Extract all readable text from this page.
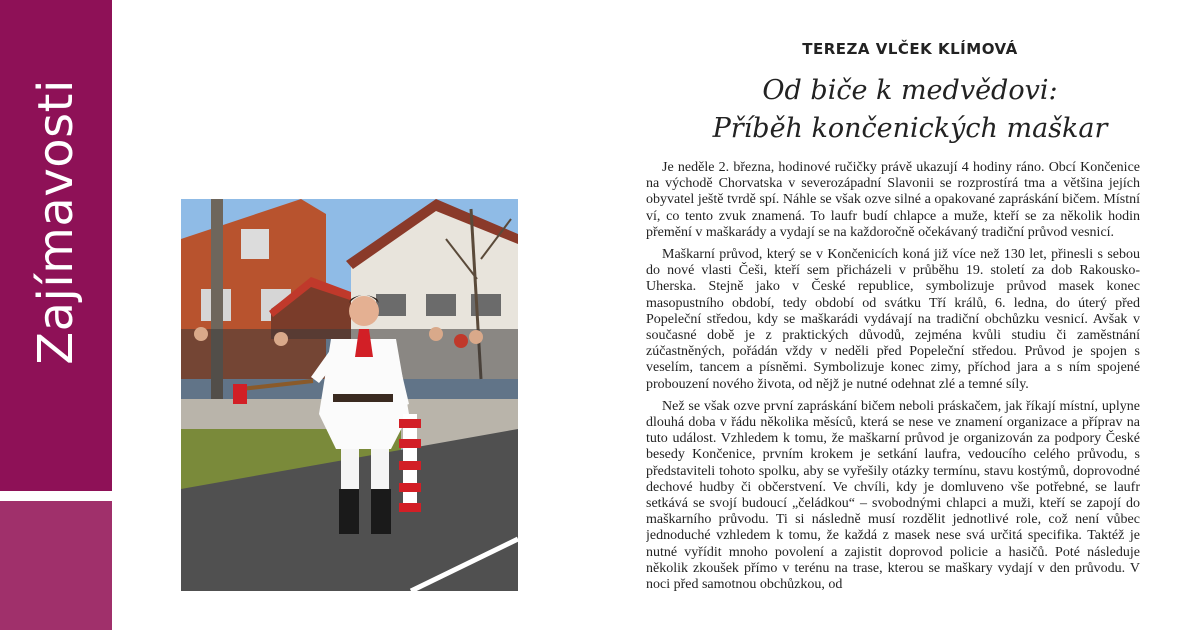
Zajímavosti
TEREZA VLČEK KLÍMOVÁ
Od biče k medvědovi:
Příběh končenických maškar

Je neděle 2. března, hodinové ručičky právě ukazují 4 hodiny ráno. Obcí Končenice na východě Chorvatska v severozápadní Slavonii se rozprostírá tma a většina jejích obyvatel ještě tvrdě spí. Náhle se však ozve silné a opakované zapráskání bičem. Místní ví, co tento zvuk znamená. To laufr budí chlapce a muže, kteří se za několik hodin přemění v maškarády a vydají se na každoročně očekávaný tradiční průvod vesnicí.

Maškarní průvod, který se v Končenicích koná již více než 130 let, přinesli s sebou do nové vlasti Češi, kteří sem přicházeli v průběhu 19. století za dob Rakousko-Uherska. Stejně jako v České republice, symbolizuje průvod masek konec masopustního období, tedy období od svátku Tří králů, 6. ledna, do úterý před Popeleční středou, kdy se maškarádi vydávají na tradiční obchůzku vesnicí. Avšak v současné době je z praktických důvodů, zejména kvůli studiu či zaměstnání zúčastněných, pořádán vždy v neděli před Popeleční středou. Průvod je spojen s veselím, tancem a písněmi. Symbolizuje konec zimy, příchod jara a s ním spojené probouzení nového života, od nějž je nutné odehnat zlé a temné síly.

Než se však ozve první zapráskání bičem neboli práskačem, jak říkají místní, uplyne dlouhá doba v řádu několika měsíců, která se nese ve znamení organizace a příprav na tuto událost. Vzhledem k tomu, že maškarní průvod je organizován za podpory České besedy Končenice, prvním krokem je setkání laufra, vedoucího celého průvodu, s představiteli tohoto spolku, aby se vyřešily otázky termínu, stavu kostýmů, doprovodné dechové hudby či občerstvení. Ve chvíli, kdy je domluveno vše potřebné, se laufr setkává se svojí budoucí „čeládkou“ – svobodnými chlapci a muži, kteří se zapojí do maškarního průvodu. Ti si následně musí rozdělit jednotlivé role, což není vůbec jednoduché vzhledem k tomu, že každá z masek nese svá určitá specifika. Taktéž je nutné vyřídit mnoho povolení a zajistit doprovod policie a hasičů. Poté následuje několik zkoušek přímo v terénu na trase, kterou se maškary vydají v den průvodu. V noci před samotnou obchůzkou, od
